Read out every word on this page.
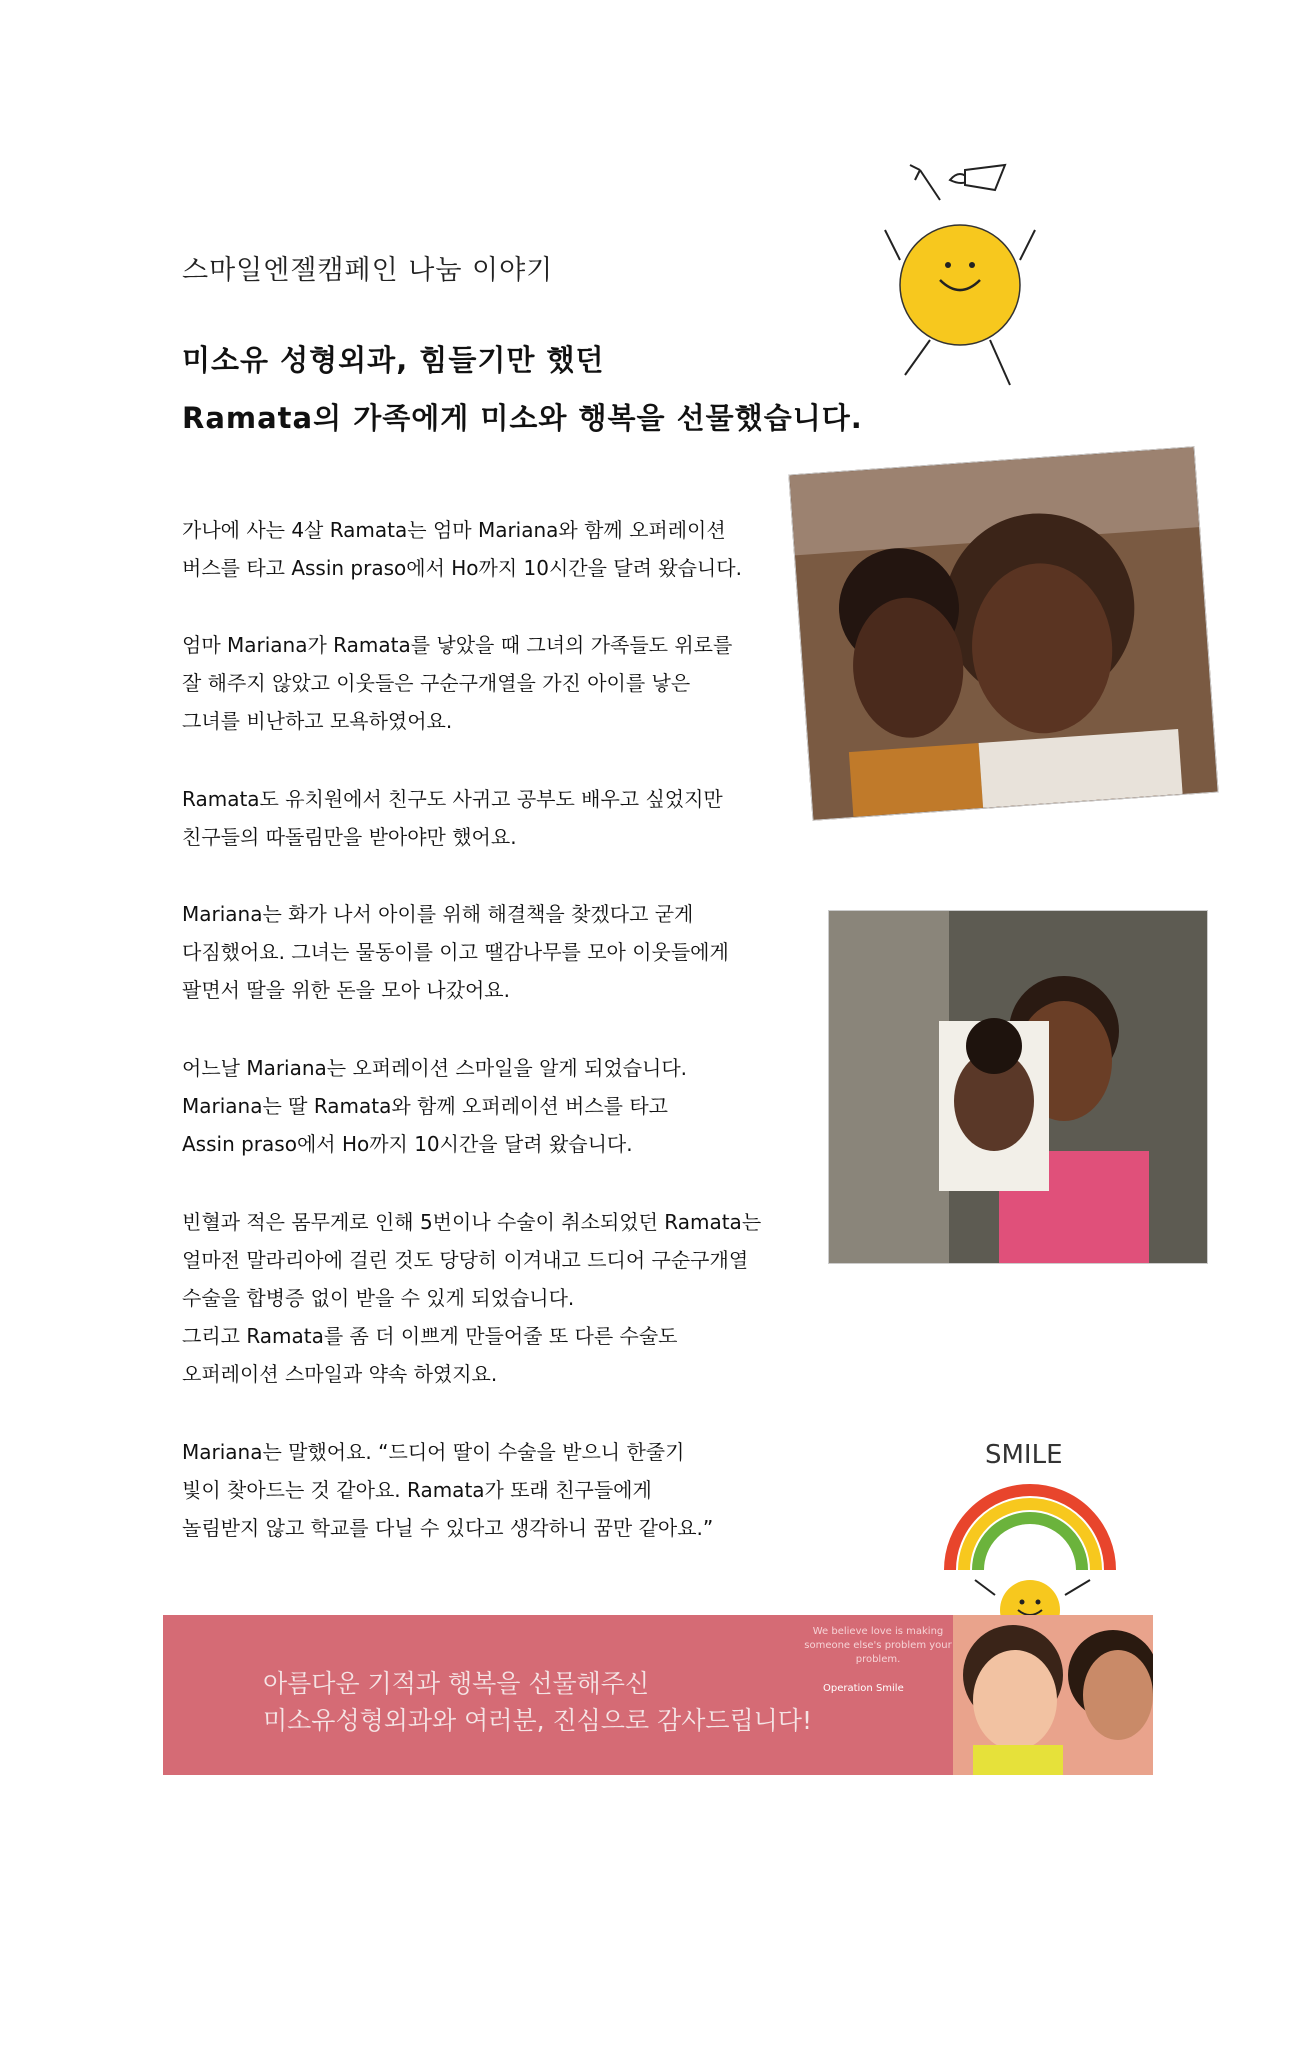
스마일엔젤캠페인 나눔 이야기
미소유 성형외과, 힘들기만 했던
Ramata의 가족에게 미소와 행복을 선물했습니다.
가나에 사는 4살 Ramata는 엄마 Mariana와 함께 오퍼레이션
버스를 타고 Assin praso에서 Ho까지 10시간을 달려 왔습니다.
엄마 Mariana가 Ramata를 낳았을 때 그녀의 가족들도 위로를
잘 해주지 않았고 이웃들은 구순구개열을 가진 아이를 낳은
그녀를 비난하고 모욕하였어요.
Ramata도 유치원에서 친구도 사귀고 공부도 배우고 싶었지만
친구들의 따돌림만을 받아야만 했어요.
Mariana는 화가 나서 아이를 위해 해결책을 찾겠다고 굳게
다짐했어요. 그녀는 물동이를 이고 땔감나무를 모아 이웃들에게
팔면서 딸을 위한 돈을 모아 나갔어요.
어느날 Mariana는 오퍼레이션 스마일을 알게 되었습니다.
Mariana는 딸 Ramata와 함께 오퍼레이션 버스를 타고
Assin praso에서 Ho까지 10시간을 달려 왔습니다.
빈혈과 적은 몸무게로 인해 5번이나 수술이 취소되었던 Ramata는
얼마전 말라리아에 걸린 것도 당당히 이겨내고 드디어 구순구개열
수술을 합병증 없이 받을 수 있게 되었습니다.
그리고 Ramata를 좀 더 이쁘게 만들어줄 또 다른 수술도
오퍼레이션 스마일과 약속 하였지요.
Mariana는 말했어요. “드디어 딸이 수술을 받으니 한줄기
빛이 찾아드는 것 같아요. Ramata가 또래 친구들에게
놀림받지 않고 학교를 다닐 수 있다고 생각하니 꿈만 같아요.”
SMILE
아름다운 기적과 행복을 선물해주신
미소유성형외과와 여러분, 진심으로 감사드립니다!
We believe love is making someone else's problem your problem.
Operation Smile
